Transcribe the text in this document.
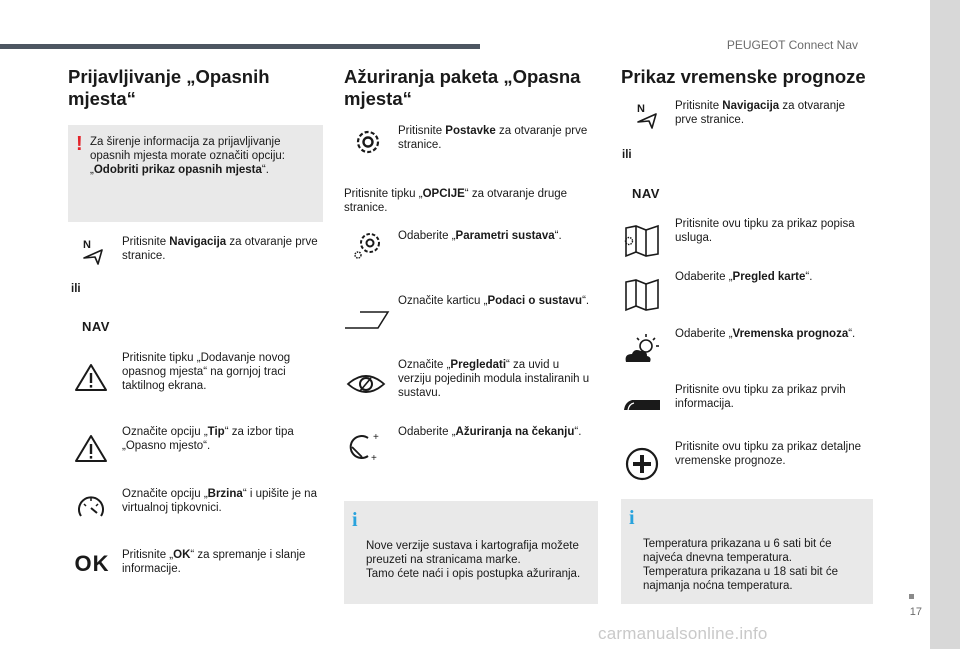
PEUGEOT Connect Nav
17
Prijavljivanje „Opasnih mjesta“
! Za širenje informacija za prijavljivanje opasnih mjesta morate označiti opciju: „Odobriti prikaz opasnih mjesta“.
N	Pritisnite Navigacija za otvaranje prve stranice.
ili
NAV
Pritisnite tipku „Dodavanje novog opasnog mjesta“ na gornjoj traci taktilnog ekrana.
Označite opciju „Tip“ za izbor tipa „Opasno mjesto“.
Označite opciju „Brzina“ i upišite je na virtualnoj tipkovnici.
OK Pritisnite „OK“ za spremanje i slanje informacije.
Ažuriranja paketa „Opasna mjesta“
Pritisnite Postavke za otvaranje prve stranice.
Pritisnite tipku „OPCIJE“ za otvaranje druge stranice.
Odaberite „Parametri sustava“.
Označite karticu „Podaci o sustavu“.
Označite „Pregledati“ za uvid u verziju pojedinih modula instaliranih u sustavu.
+
+
Odaberite „Ažuriranja na čekanju“.

i

Nove verzije sustava i kartografija možete preuzeti na stranicama marke.
Tamo ćete naći i opis postupka ažuriranja.

Prikaz vremenske prognoze
N	Pritisnite Navigacija za otvaranje prve stranice.
ili
NAV
Pritisnite ovu tipku za prikaz popisa usluga.
Odaberite „Pregled karte“.
Odaberite „Vremenska prognoza“.
Pritisnite ovu tipku za prikaz prvih informacija.
Pritisnite ovu tipku za prikaz detaljne vremenske prognoze.

i

Temperatura prikazana u 6 sati bit će najveća dnevna temperatura.
Temperatura prikazana u 18 sati bit će najmanja noćna temperatura.

carmanualsonline.info
